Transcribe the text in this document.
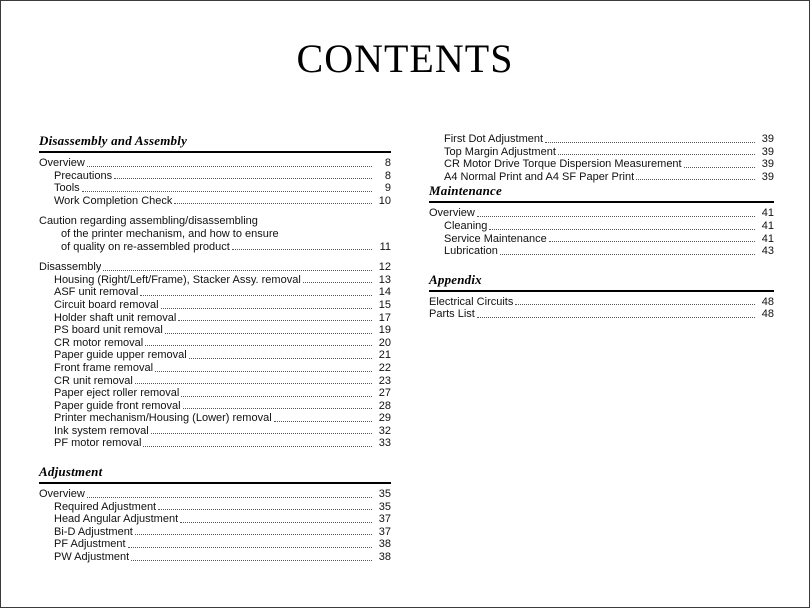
CONTENTS
Disassembly and Assembly
Overview	8
Precautions	8
Tools	9
Work Completion Check	10
Caution regarding assembling/disassembling
of the printer mechanism, and how to ensure
of quality on re-assembled product	11
Disassembly	12
Housing (Right/Left/Frame), Stacker Assy. removal	13
ASF unit removal	14
Circuit board removal	15
Holder shaft unit removal	17
PS board unit removal	19
CR motor removal	20
Paper guide upper removal	21
Front frame removal	22
CR unit removal	23
Paper eject roller removal	27
Paper guide front removal	28
Printer mechanism/Housing (Lower) removal	29
Ink system removal	32
PF motor removal	33
Adjustment
Overview	35
Required Adjustment	35
Head Angular Adjustment	37
Bi-D Adjustment	37
PF Adjustment	38
PW Adjustment	38
First Dot Adjustment	39
Top Margin Adjustment	39
CR Motor Drive Torque Dispersion Measurement	39
A4 Normal Print and A4 SF Paper Print	39
Maintenance
Overview	41
Cleaning	41
Service Maintenance	41
Lubrication	43
Appendix
Electrical Circuits	48
Parts List	48
